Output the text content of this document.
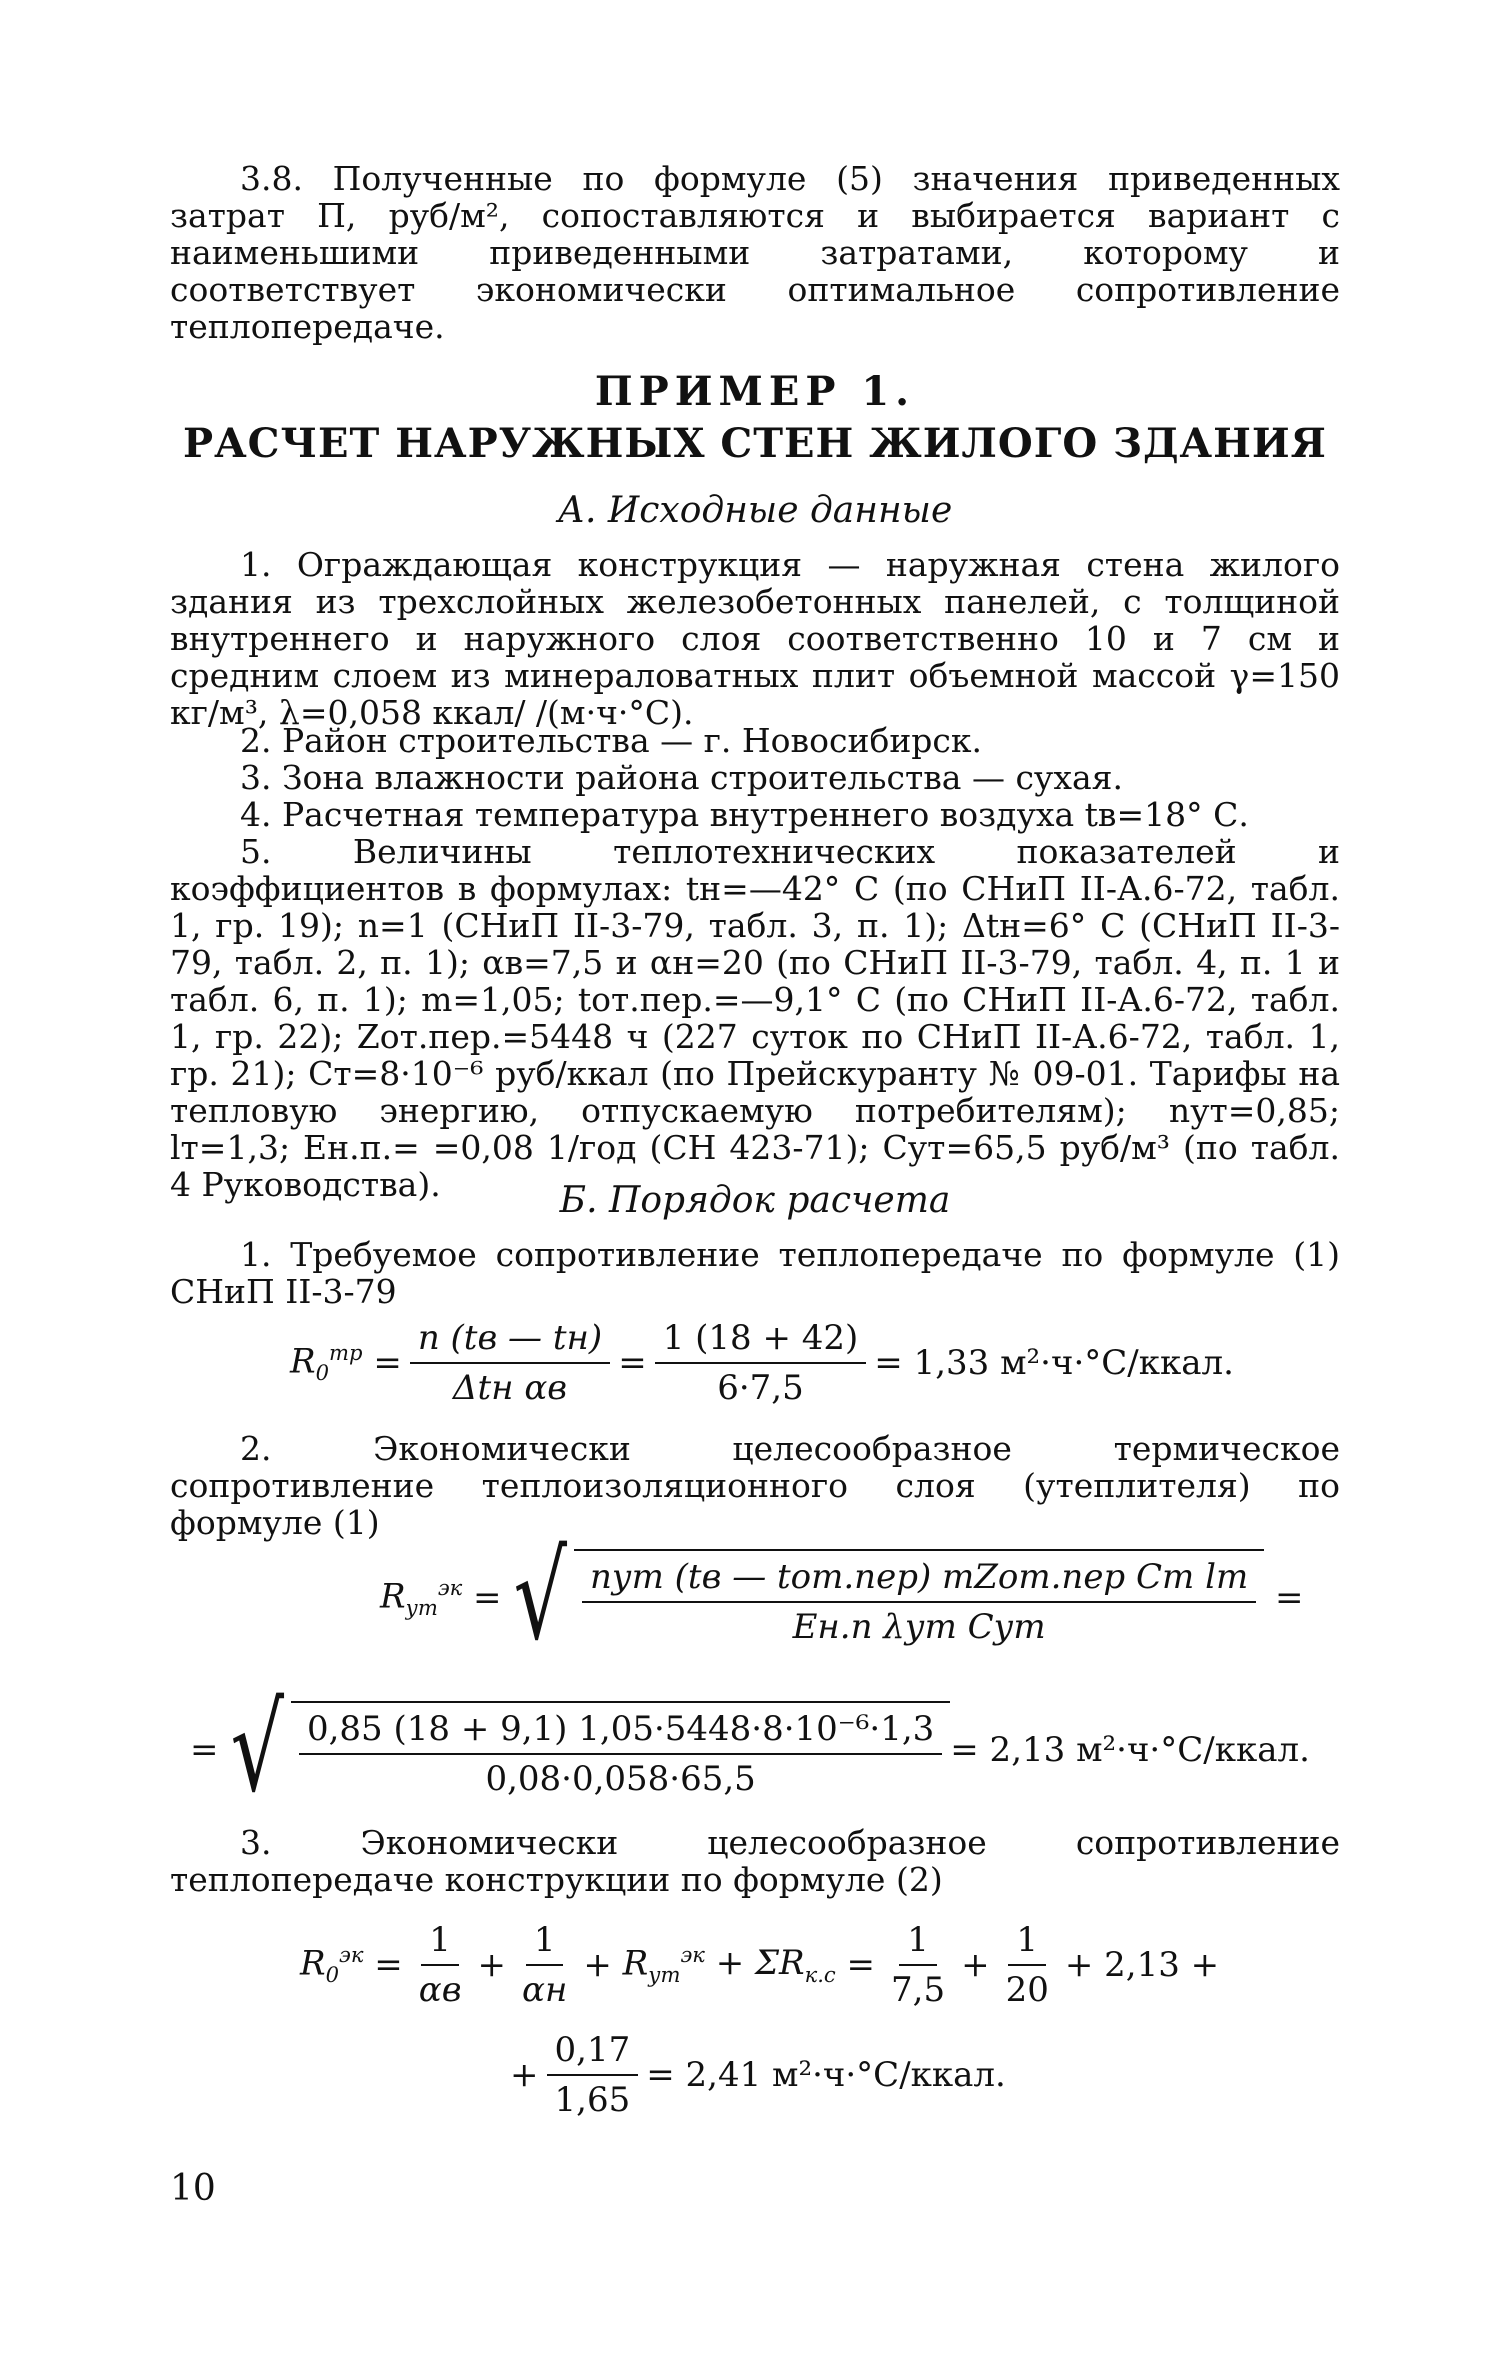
3.8. Полученные по формуле (5) значения приведенных затрат П, руб/м², сопоставляются и выбирается вариант с наименьшими приведенными затратами, которому и соответствует экономически оптимальное сопротивление теплопередаче.

ПРИМЕР 1.
РАСЧЕТ НАРУЖНЫХ СТЕН ЖИЛОГО ЗДАНИЯ
А. Исходные данные

1. Ограждающая конструкция — наружная стена жилого здания из трехслойных железобетонных панелей, с толщиной внутреннего и наружного слоя соответственно 10 и 7 см и средним слоем из минераловатных плит объемной массой γ=150 кг/м³, λ=0,058 ккал/ /(м·ч·°С).

2. Район строительства — г. Новосибирск.

3. Зона влажности района строительства — сухая.

4. Расчетная температура внутреннего воздуха tв=18° С.

5. Величины теплотехнических показателей и коэффициентов в формулах: tн=—42° С (по СНиП II-А.6-72, табл. 1, гр. 19); n=1 (СНиП II-3-79, табл. 3, п. 1); Δtн=6° С (СНиП II-3-79, табл. 2, п. 1); αв=7,5 и αн=20 (по СНиП II-3-79, табл. 4, п. 1 и табл. 6, п. 1); m=1,05; tот.пер.=—9,1° С (по СНиП II-А.6-72, табл. 1, гр. 22); Zот.пер.=5448 ч (227 суток по СНиП II-А.6-72, табл. 1, гр. 21); Cт=8·10⁻⁶ руб/ккал (по Прейскуранту № 09-01. Тарифы на тепловую энергию, отпускаемую потребителям); nут=0,85; lт=1,3; Eн.п.= =0,08 1/год (СН 423-71); Cут=65,5 руб/м³ (по табл. 4 Руководства).	Б. Порядок расчета

1. Требуемое сопротивление теплопередаче по формуле (1) СНиП II-3-79

$R_0^{тр} = \frac{n (tв — tн)}{\text{Δtн αв}} = \frac{1 (18 + 42)}{6\cdot 7,5} = 1,33$ м²·ч·°С/ккал.

2. Экономически целесообразное термическое сопротивление теплоизоляционного слоя (утеплителя) по формуле (1)

$R_{ут}^{эк}$ = √ $\frac{\text{nут (tв — tот.пер) mZот.пер Cт lт}}{\text{Eн.п λут Cут}}$ =
= √ $\frac{\text{0,85 (18 + 9,1) 1,05·5448·8·10⁻⁶·1,3}}{0,08\cdot 0,058\cdot 65,5} = 2,13$ м²·ч·°С/ккал.

3. Экономически целесообразное сопротивление теплопередаче конструкции по формуле (2)

$R_0^{эк} = \frac{1}{\alpha в} + \frac{1}{\alpha н} + R_{ут}^{эк}$
+ $\Sigma R_{к.с} = \frac{1}{7,5} + \frac{1}{20} + 2,13$ +
+ $\frac{0,17}{1,65} = 2,41$ м²·ч·°С/ккал.
10
